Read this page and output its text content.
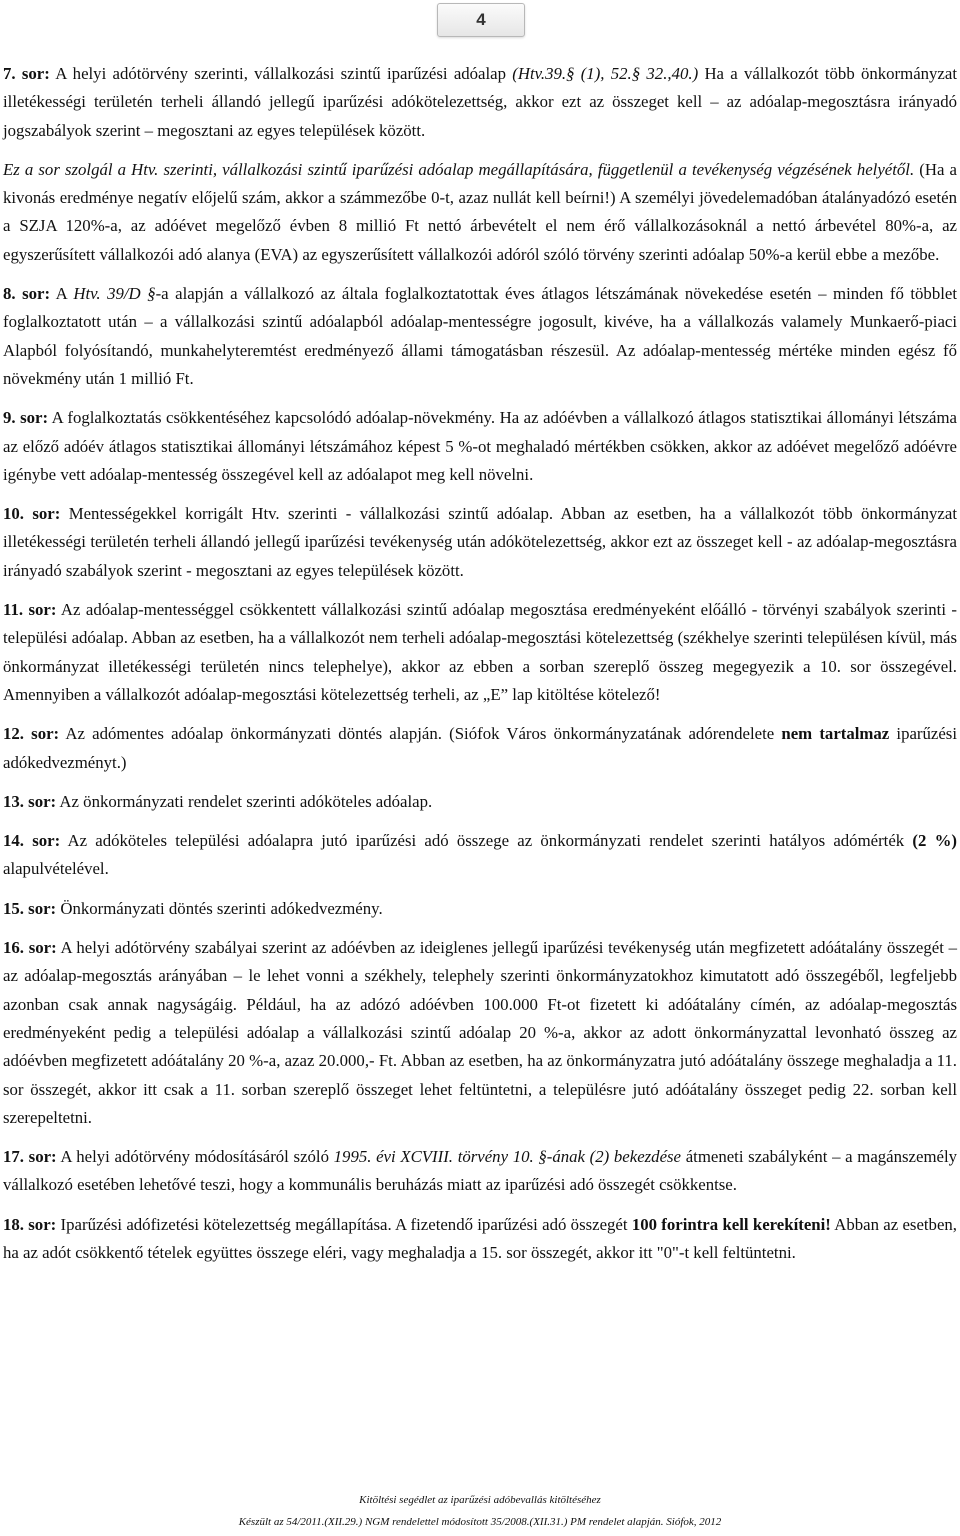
4

7. sor: A helyi adótörvény szerinti, vállalkozási szintű iparűzési adóalap (Htv.39.§ (1), 52.§ 32.,40.) Ha a vállalkozót több önkormányzat illetékességi területén terheli állandó jellegű iparűzési adókötelezettség, akkor ezt az összeget kell – az adóalap-megosztásra irányadó jogszabályok szerint – megosztani az egyes települések között.

Ez a sor szolgál a Htv. szerinti, vállalkozási szintű iparűzési adóalap megállapítására, függetlenül a tevékenység végzésének helyétől. (Ha a kivonás eredménye negatív előjelű szám, akkor a számmezőbe 0-t, azaz nullát kell beírni!) A személyi jövedelemadóban átalányadózó esetén a SZJA 120%-a, az adóévet megelőző évben 8 millió Ft nettó árbevételt el nem érő vállalkozásoknál a nettó árbevétel 80%-a, az egyszerűsített vállalkozói adó alanya (EVA) az egyszerűsített vállalkozói adóról szóló törvény szerinti adóalap 50%-a kerül ebbe a mezőbe.

8. sor: A Htv. 39/D §-a alapján a vállalkozó az általa foglalkoztatottak éves átlagos létszámának növekedése esetén – minden fő többlet foglalkoztatott után – a vállalkozási szintű adóalapból adóalap-mentességre jogosult, kivéve, ha a vállalkozás valamely Munkaerő-piaci Alapból folyósítandó, munkahelyteremtést eredményező állami támogatásban részesül. Az adóalap-mentesség mértéke minden egész fő növekmény után 1 millió Ft.

9. sor: A foglalkoztatás csökkentéséhez kapcsolódó adóalap-növekmény. Ha az adóévben a vállalkozó átlagos statisztikai állományi létszáma az előző adóév átlagos statisztikai állományi létszámához képest 5 %-ot meghaladó mértékben csökken, akkor az adóévet megelőző adóévre igénybe vett adóalap-mentesség összegével kell az adóalapot meg kell növelni.

10. sor: Mentességekkel korrigált Htv. szerinti - vállalkozási szintű adóalap. Abban az esetben, ha a vállalkozót több önkormányzat illetékességi területén terheli állandó jellegű iparűzési tevékenység után adókötelezettség, akkor ezt az összeget kell - az adóalap-megosztásra irányadó szabályok szerint - megosztani az egyes települések között.

11. sor: Az adóalap-mentességgel csökkentett vállalkozási szintű adóalap megosztása eredményeként előálló - törvényi szabályok szerinti - települési adóalap. Abban az esetben, ha a vállalkozót nem terheli adóalap-megosztási kötelezettség (székhelye szerinti településen kívül, más önkormányzat illetékességi területén nincs telephelye), akkor az ebben a sorban szereplő összeg megegyezik a 10. sor összegével. Amennyiben a vállalkozót adóalap-megosztási kötelezettség terheli, az „E” lap kitöltése kötelező!

12. sor: Az adómentes adóalap önkormányzati döntés alapján. (Siófok Város önkormányzatának adórendelete nem tartalmaz iparűzési adókedvezményt.)

13. sor: Az önkormányzati rendelet szerinti adóköteles adóalap.

14. sor: Az adóköteles települési adóalapra jutó iparűzési adó összege az önkormányzati rendelet szerinti hatályos adómérték (2 %) alapulvételével.

15. sor: Önkormányzati döntés szerinti adókedvezmény.

16. sor: A helyi adótörvény szabályai szerint az adóévben az ideiglenes jellegű iparűzési tevékenység után megfizetett adóátalány összegét – az adóalap-megosztás arányában – le lehet vonni a székhely, telephely szerinti önkormányzatokhoz kimutatott adó összegéből, legfeljebb azonban csak annak nagyságáig. Például, ha az adózó adóévben 100.000 Ft-ot fizetett ki adóátalány címén, az adóalap-megosztás eredményeként pedig a települési adóalap a vállalkozási szintű adóalap 20 %-a, akkor az adott önkormányzattal levonható összeg az adóévben megfizetett adóátalány 20 %-a, azaz 20.000,- Ft. Abban az esetben, ha az önkormányzatra jutó adóátalány összege meghaladja a 11. sor összegét, akkor itt csak a 11. sorban szereplő összeget lehet feltüntetni, a településre jutó adóátalány összeget pedig 22. sorban kell szerepeltetni.

17. sor: A helyi adótörvény módosításáról szóló 1995. évi XCVIII. törvény 10. §-ának (2) bekezdése átmeneti szabályként – a magánszemély vállalkozó esetében lehetővé teszi, hogy a kommunális beruházás miatt az iparűzési adó összegét csökkentse.

18. sor: Iparűzési adófizetési kötelezettség megállapítása. A fizetendő iparűzési adó összegét 100 forintra kell kerekíteni! Abban az esetben, ha az adót csökkentő tételek együttes összege eléri, vagy meghaladja a 15. sor összegét, akkor itt "0"-t kell feltüntetni.

Kitöltési segédlet az iparűzési adóbevallás kitöltéséhez
Készült az 54/2011.(XII.29.) NGM rendelettel módosított 35/2008.(XII.31.) PM rendelet alapján. Siófok, 2012
